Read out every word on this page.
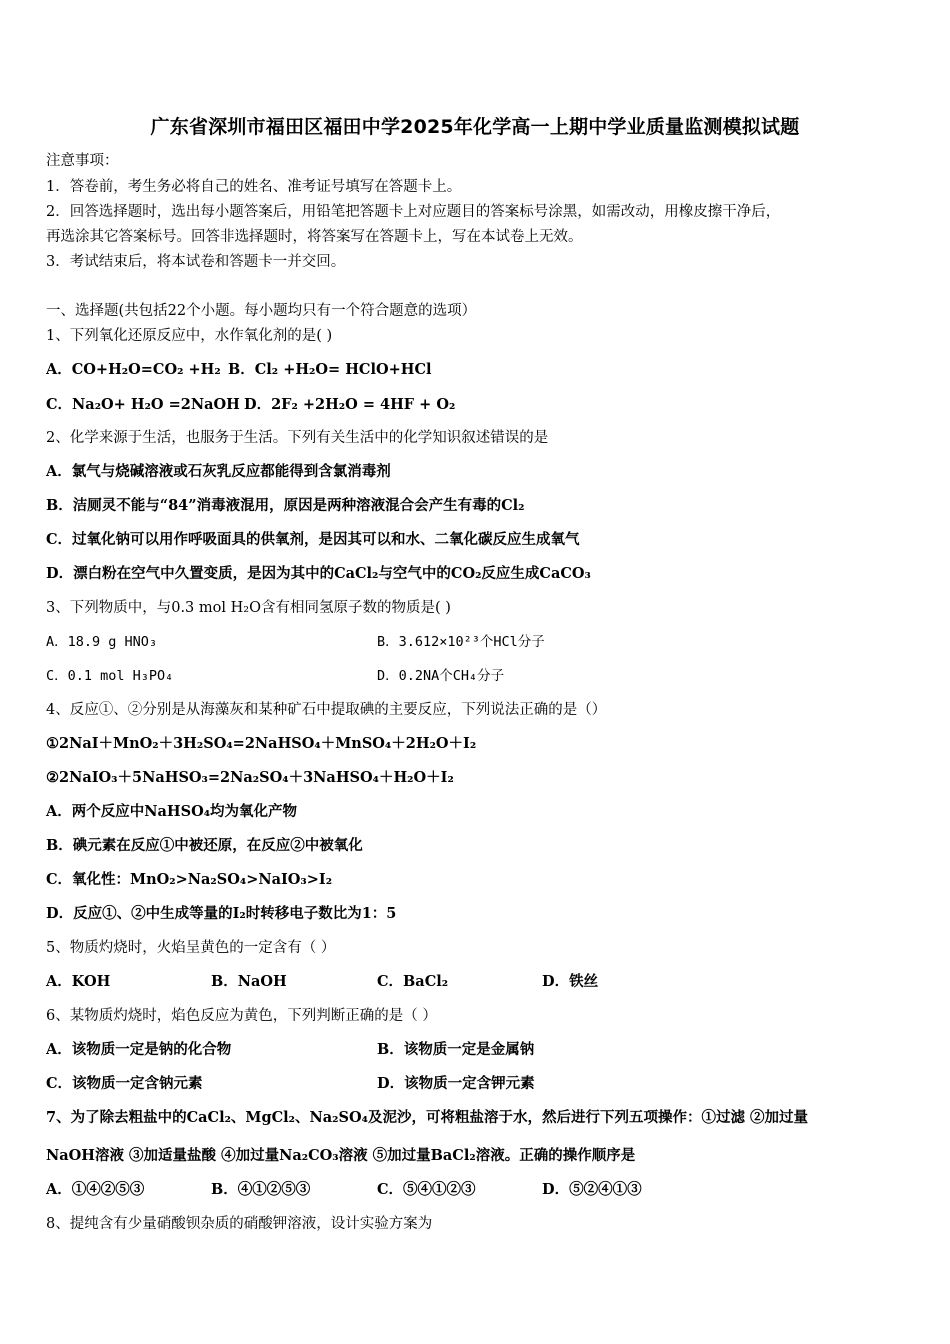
广东省深圳市福田区福田中学2025年化学高一上期中学业质量监测模拟试题
注意事项：
1．答卷前，考生务必将自己的姓名、准考证号填写在答题卡上。
2．回答选择题时，选出每小题答案后，用铅笔把答题卡上对应题目的答案标号涂黑，如需改动，用橡皮擦干净后，
再选涂其它答案标号。回答非选择题时，将答案写在答题卡上，写在本试卷上无效。
3．考试结束后，将本试卷和答题卡一并交回。
一、选择题(共包括22个小题。每小题均只有一个符合题意的选项）
1、下列氧化还原反应中，水作氧化剂的是( )
A．CO+H₂O=CO₂ +H₂ B．Cl₂ +H₂O= HClO+HCl
C．Na₂O+ H₂O =2NaOH D．2F₂ +2H₂O = 4HF + O₂
2、化学来源于生活，也服务于生活。下列有关生活中的化学知识叙述错误的是
A．氯气与烧碱溶液或石灰乳反应都能得到含氯消毒剂
B．洁厕灵不能与“84”消毒液混用，原因是两种溶液混合会产生有毒的Cl₂
C．过氧化钠可以用作呼吸面具的供氧剂，是因其可以和水、二氧化碳反应生成氧气
D．漂白粉在空气中久置变质，是因为其中的CaCl₂与空气中的CO₂反应生成CaCO₃
3、下列物质中，与0.3 mol H₂O含有相同氢原子数的物质是( )
A．18.9 g HNO₃	B．3.612×10²³个HCl分子
C．0.1 mol H₃PO₄	D．0.2NA个CH₄分子
4、反应①、②分别是从海藻灰和某种矿石中提取碘的主要反应，下列说法正确的是（）
①2NaI＋MnO₂＋3H₂SO₄=2NaHSO₄＋MnSO₄＋2H₂O＋I₂
②2NaIO₃＋5NaHSO₃=2Na₂SO₄＋3NaHSO₄＋H₂O＋I₂
A．两个反应中NaHSO₄均为氧化产物
B．碘元素在反应①中被还原，在反应②中被氧化
C．氧化性：MnO₂>Na₂SO₄>NaIO₃>I₂
D．反应①、②中生成等量的I₂时转移电子数比为1：5
5、物质灼烧时，火焰呈黄色的一定含有（ ）
A．KOH	B．NaOH	C．BaCl₂	D．铁丝
6、某物质灼烧时，焰色反应为黄色，下列判断正确的是（ ）
A．该物质一定是钠的化合物	B．该物质一定是金属钠
C．该物质一定含钠元素	D．该物质一定含钾元素
7、为了除去粗盐中的CaCl₂、MgCl₂、Na₂SO₄及泥沙，可将粗盐溶于水，然后进行下列五项操作：①过滤 ②加过量
NaOH溶液 ③加适量盐酸 ④加过量Na₂CO₃溶液 ⑤加过量BaCl₂溶液。正确的操作顺序是
A．①④②⑤③	B．④①②⑤③	C．⑤④①②③	D．⑤②④①③
8、提纯含有少量硝酸钡杂质的硝酸钾溶液，设计实验方案为
